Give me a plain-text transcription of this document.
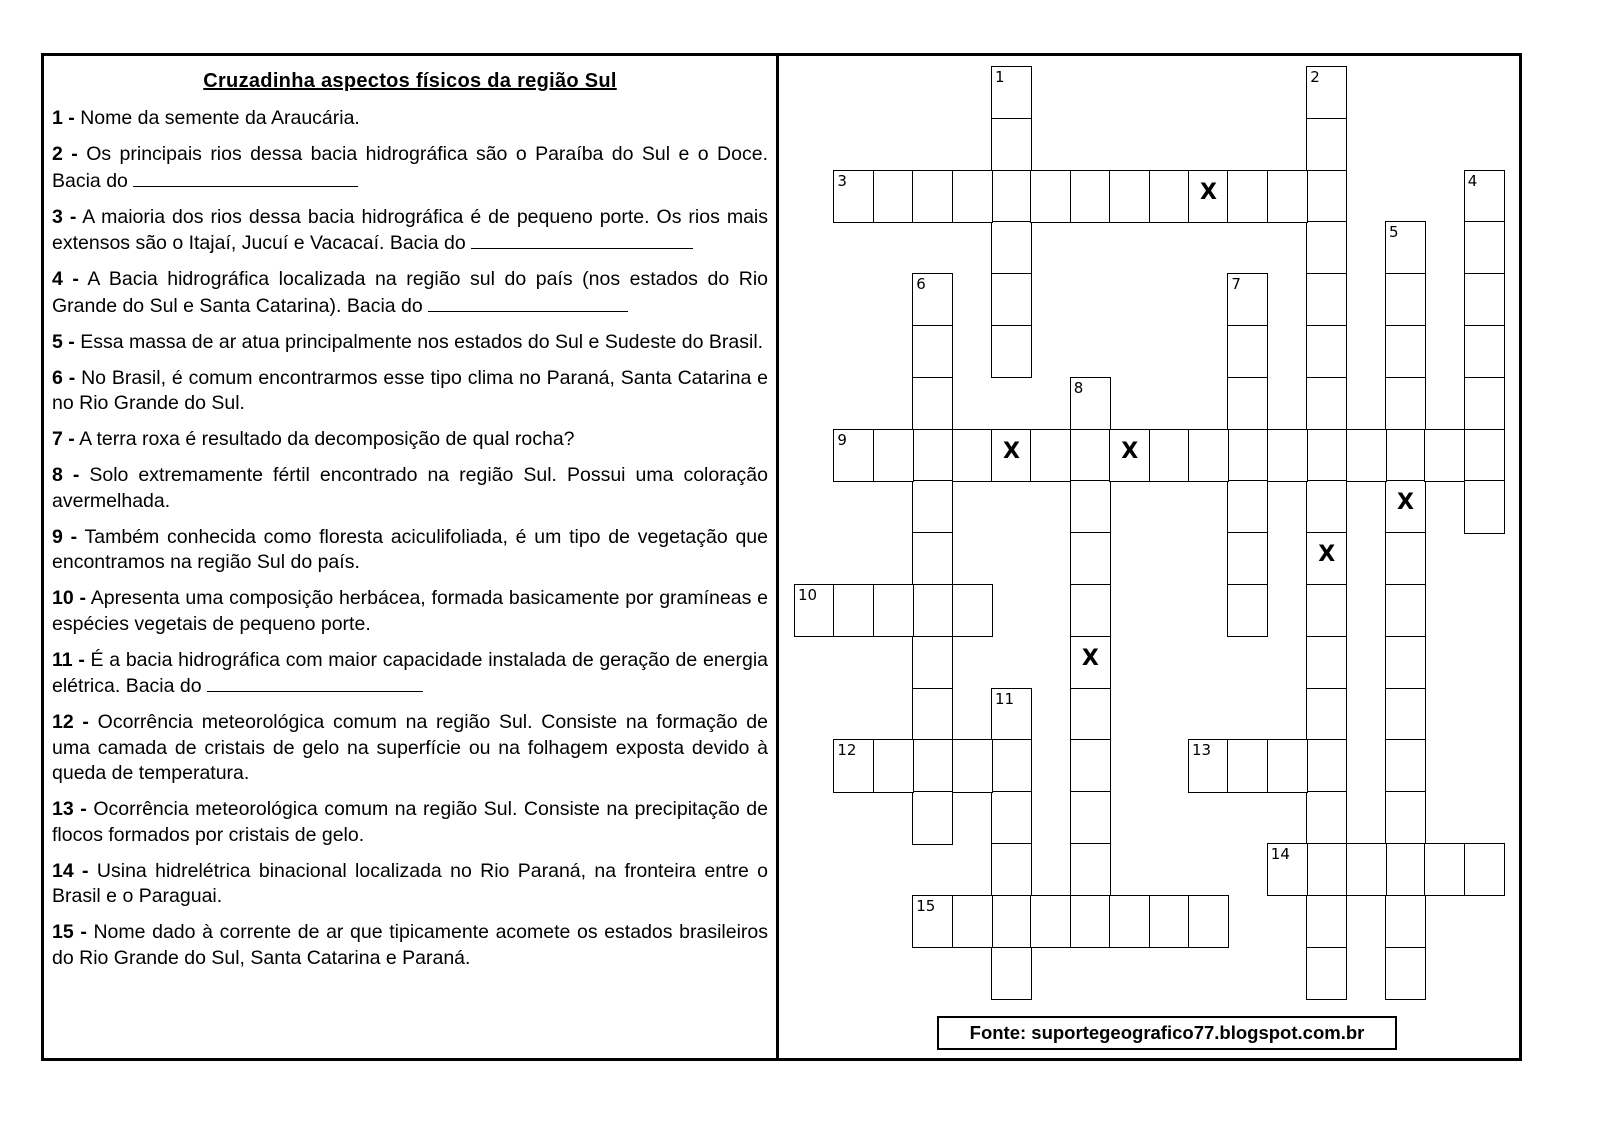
Cruzadinha aspectos físicos da região Sul
1 - Nome da semente da Araucária.
2 - Os principais rios dessa bacia hidrográfica são o Paraíba do Sul e o Doce. Bacia do
3 - A maioria dos rios dessa bacia hidrográfica é de pequeno porte. Os rios mais extensos são o Itajaí, Jucuí e Vacacaí. Bacia do
4 - A Bacia hidrográfica localizada na região sul do país (nos estados do Rio Grande do Sul e Santa Catarina). Bacia do
5 - Essa massa de ar atua principalmente nos estados do Sul e Sudeste do Brasil.
6 - No Brasil, é comum encontrarmos esse tipo clima no Paraná, Santa Catarina e no Rio Grande do Sul.
7 - A terra roxa é resultado da decomposição de qual rocha?
8 - Solo extremamente fértil encontrado na região Sul. Possui uma coloração avermelhada.
9 - Também conhecida como floresta aciculifoliada, é um tipo de vegetação que encontramos na região Sul do país.
10 - Apresenta uma composição herbácea, formada basicamente por gramíneas e espécies vegetais de pequeno porte.
11 - É a bacia hidrográfica com maior capacidade instalada de geração de energia elétrica. Bacia do
12 - Ocorrência meteorológica comum na região Sul. Consiste na formação de uma camada de cristais de gelo na superfície ou na folhagem exposta devido à queda de temperatura.
13 - Ocorrência meteorológica comum na região Sul. Consiste na precipitação de flocos formados por cristais de gelo.
14 - Usina hidrelétrica binacional localizada no Rio Paraná, na fronteira entre o Brasil e o Paraguai.
15 - Nome dado à corrente de ar que tipicamente acomete os estados brasileiros do Rio Grande do Sul, Santa Catarina e Paraná.
1	2
X
3	X	4
5
X
6	7
8
X
9	X	X
10
11
12	13
14
15
Fonte: suportegeografico77.blogspot.com.br
